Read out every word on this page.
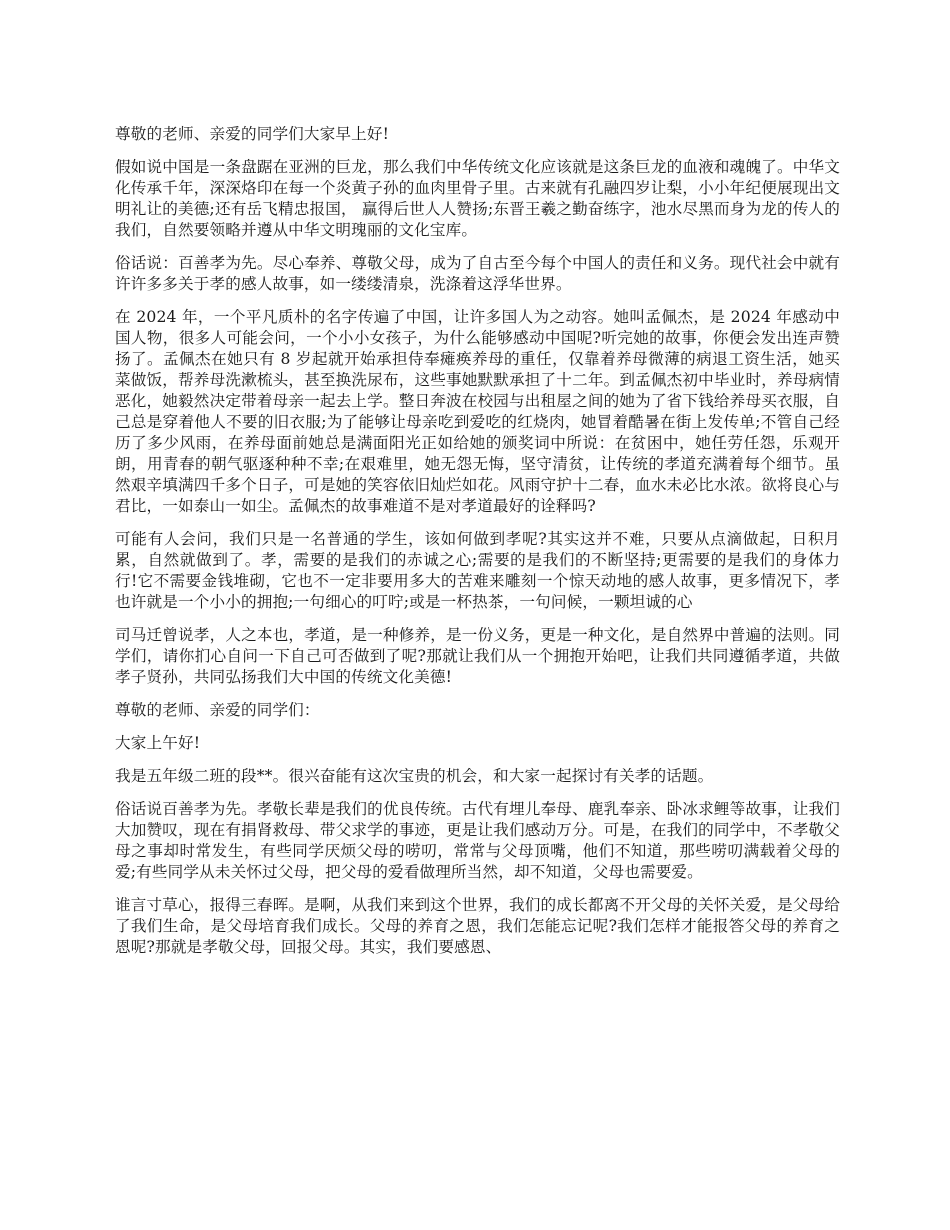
尊敬的老师、亲爱的同学们大家早上好!

假如说中国是一条盘踞在亚洲的巨龙，那么我们中华传统文化应该就是这条巨龙的血液和魂魄了。中华文化传承千年，深深烙印在每一个炎黄子孙的血肉里骨子里。古来就有孔融四岁让梨，小小年纪便展现出文明礼让的美德;还有岳飞精忠报国， 赢得后世人人赞扬;东晋王羲之勤奋练字，池水尽黑而身为龙的传人的我们，自然要领略并遵从中华文明瑰丽的文化宝库。

俗话说：百善孝为先。尽心奉养、尊敬父母，成为了自古至今每个中国人的责任和义务。现代社会中就有许许多多关于孝的感人故事，如一缕缕清泉，洗涤着这浮华世界。

在 2024 年，一个平凡质朴的名字传遍了中国，让许多国人为之动容。她叫孟佩杰，是 2024 年感动中国人物，很多人可能会问，一个小小女孩子，为什么能够感动中国呢?听完她的故事，你便会发出连声赞扬了。孟佩杰在她只有 8 岁起就开始承担侍奉瘫痪养母的重任，仅靠着养母微薄的病退工资生活，她买菜做饭，帮养母洗漱梳头，甚至换洗尿布，这些事她默默承担了十二年。到孟佩杰初中毕业时，养母病情恶化，她毅然决定带着母亲一起去上学。整日奔波在校园与出租屋之间的她为了省下钱给养母买衣服，自己总是穿着他人不要的旧衣服;为了能够让母亲吃到爱吃的红烧肉，她冒着酷暑在街上发传单;不管自己经历了多少风雨，在养母面前她总是满面阳光正如给她的颁奖词中所说：在贫困中，她任劳任怨，乐观开朗，用青春的朝气驱逐种种不幸;在艰难里，她无怨无悔，坚守清贫，让传统的孝道充满着每个细节。虽然艰辛填满四千多个日子，可是她的笑容依旧灿烂如花。风雨守护十二春，血水未必比水浓。欲将良心与君比，一如泰山一如尘。孟佩杰的故事难道不是对孝道最好的诠释吗?

可能有人会问，我们只是一名普通的学生，该如何做到孝呢?其实这并不难，只要从点滴做起，日积月累，自然就做到了。孝，需要的是我们的赤诚之心;需要的是我们的不断坚持;更需要的是我们的身体力行!它不需要金钱堆砌，它也不一定非要用多大的苦难来雕刻一个惊天动地的感人故事，更多情况下，孝也许就是一个小小的拥抱;一句细心的叮咛;或是一杯热茶，一句问候，一颗坦诚的心

司马迁曾说孝，人之本也，孝道，是一种修养，是一份义务，更是一种文化，是自然界中普遍的法则。同学们，请你扪心自问一下自己可否做到了呢?那就让我们从一个拥抱开始吧，让我们共同遵循孝道，共做孝子贤孙，共同弘扬我们大中国的传统文化美德!

尊敬的老师、亲爱的同学们：

大家上午好!

我是五年级二班的段**。很兴奋能有这次宝贵的机会，和大家一起探讨有关孝的话题。

俗话说百善孝为先。孝敬长辈是我们的优良传统。古代有埋儿奉母、鹿乳奉亲、卧冰求鲤等故事，让我们大加赞叹，现在有捐肾救母、带父求学的事迹，更是让我们感动万分。可是，在我们的同学中，不孝敬父母之事却时常发生，有些同学厌烦父母的唠叨，常常与父母顶嘴，他们不知道，那些唠叨满载着父母的爱;有些同学从未关怀过父母，把父母的爱看做理所当然，却不知道，父母也需要爱。

谁言寸草心，报得三春晖。是啊，从我们来到这个世界，我们的成长都离不开父母的关怀关爱，是父母给了我们生命，是父母培育我们成长。父母的养育之恩，我们怎能忘记呢?我们怎样才能报答父母的养育之恩呢?那就是孝敬父母，回报父母。其实，我们要感恩、
